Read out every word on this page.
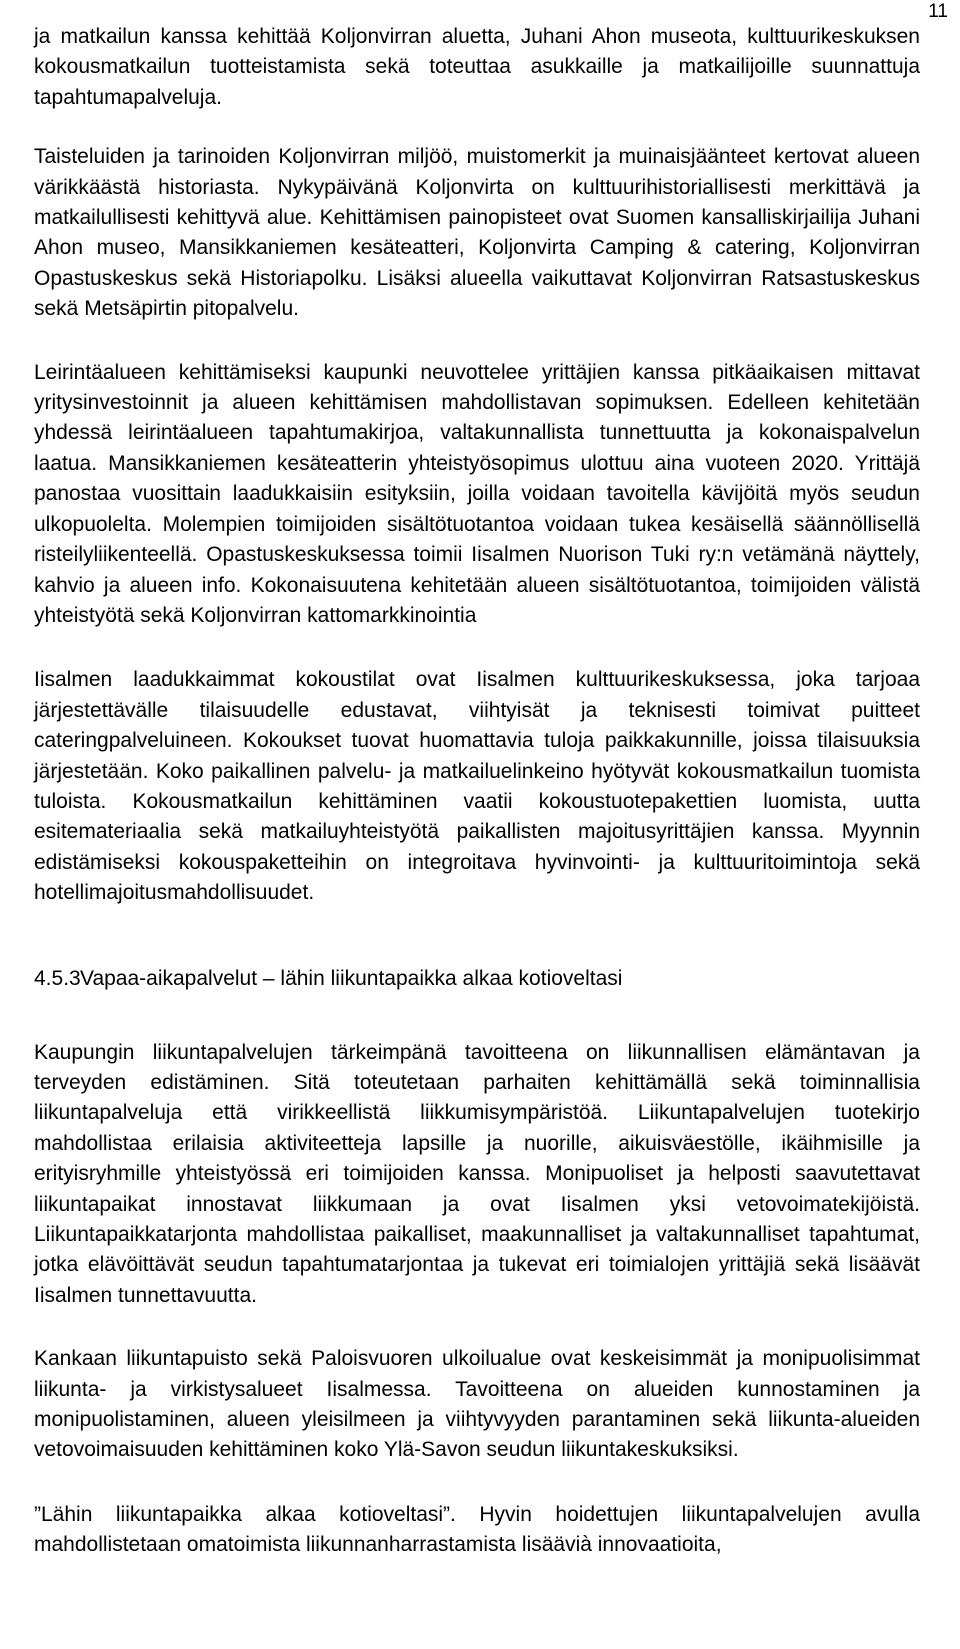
11

ja matkailun kanssa kehittää Koljonvirran aluetta, Juhani Ahon museota, kulttuurikeskuksen kokousmatkailun tuotteistamista sekä toteuttaa asukkaille ja matkailijoille suunnattuja tapahtumapalveluja.

Taisteluiden ja tarinoiden Koljonvirran miljöö, muistomerkit ja muinaisjäänteet kertovat alueen värikkäästä historiasta. Nykypäivänä Koljonvirta on kulttuurihistoriallisesti merkittävä ja matkailullisesti kehittyvä alue. Kehittämisen painopisteet ovat Suomen kansalliskirjailija Juhani Ahon museo, Mansikkaniemen kesäteatteri, Koljonvirta Camping & catering, Koljonvirran Opastuskeskus sekä Historiapolku. Lisäksi alueella vaikuttavat Koljonvirran Ratsastuskeskus sekä Metsäpirtin pitopalvelu.

Leirintäalueen kehittämiseksi kaupunki neuvottelee yrittäjien kanssa pitkäaikaisen mittavat yritysinvestoinnit ja alueen kehittämisen mahdollistavan sopimuksen. Edelleen kehitetään yhdessä leirintäalueen tapahtumakirjoa, valtakunnallista tunnettuutta ja kokonaispalvelun laatua. Mansikkaniemen kesäteatterin yhteistyösopimus ulottuu aina vuoteen 2020. Yrittäjä panostaa vuosittain laadukkaisiin esityksiin, joilla voidaan tavoitella kävijöitä myös seudun ulkopuolelta. Molempien toimijoiden sisältötuotantoa voidaan tukea kesäisellä säännöllisellä risteilyliikenteellä. Opastuskeskuksessa toimii Iisalmen Nuorison Tuki ry:n vetämänä näyttely, kahvio ja alueen info. Kokonaisuutena kehitetään alueen sisältötuotantoa, toimijoiden välistä yhteistyötä sekä Koljonvirran kattomarkkinointia

Iisalmen laadukkaimmat kokoustilat ovat Iisalmen kulttuurikeskuksessa, joka tarjoaa järjestettävälle tilaisuudelle edustavat, viihtyisät ja teknisesti toimivat puitteet cateringpalveluineen. Kokoukset tuovat huomattavia tuloja paikkakunnille, joissa tilaisuuksia järjestetään. Koko paikallinen palvelu- ja matkailuelinkeino hyötyvät kokousmatkailun tuomista tuloista. Kokousmatkailun kehittäminen vaatii kokoustuotepakettien luomista, uutta esitemateriaalia sekä matkailuyhteistyötä paikallisten majoitusyrittäjien kanssa. Myynnin edistämiseksi kokouspaketteihin on integroitava hyvinvointi- ja kulttuuritoimintoja sekä hotellimajoitusmahdollisuudet.

4.5.3 Vapaa-aikapalvelut – lähin liikuntapaikka alkaa kotioveltasi

Kaupungin liikuntapalvelujen tärkeimpänä tavoitteena on liikunnallisen elämäntavan ja terveyden edistäminen. Sitä toteutetaan parhaiten kehittämällä sekä toiminnallisia liikuntapalveluja että virikkeellistä liikkumisympäristöä. Liikuntapalvelujen tuotekirjo mahdollistaa erilaisia aktiviteetteja lapsille ja nuorille, aikuisväestölle, ikäihmisille ja erityisryhmille yhteistyössä eri toimijoiden kanssa. Monipuoliset ja helposti saavutettavat liikuntapaikat innostavat liikkumaan ja ovat Iisalmen yksi vetovoimatekijöistä. Liikuntapaikkatarjonta mahdollistaa paikalliset, maakunnalliset ja valtakunnalliset tapahtumat, jotka elävöittävät seudun tapahtumatarjontaa ja tukevat eri toimialojen yrittäjiä sekä lisäävät Iisalmen tunnettavuutta.

Kankaan liikuntapuisto sekä Paloisvuoren ulkoilualue ovat keskeisimmät ja monipuolisimmat liikunta- ja virkistysalueet Iisalmessa. Tavoitteena on alueiden kunnostaminen ja monipuolistaminen, alueen yleisilmeen ja viihtyvyyden parantaminen sekä liikunta-alueiden vetovoimaisuuden kehittäminen koko Ylä-Savon seudun liikuntakeskuksiksi.

”Lähin liikuntapaikka alkaa kotioveltasi”. Hyvin hoidettujen liikuntapalvelujen avulla mahdollistetaan omatoimista liikunnanharrastamista lisäävià innovaatioita,
